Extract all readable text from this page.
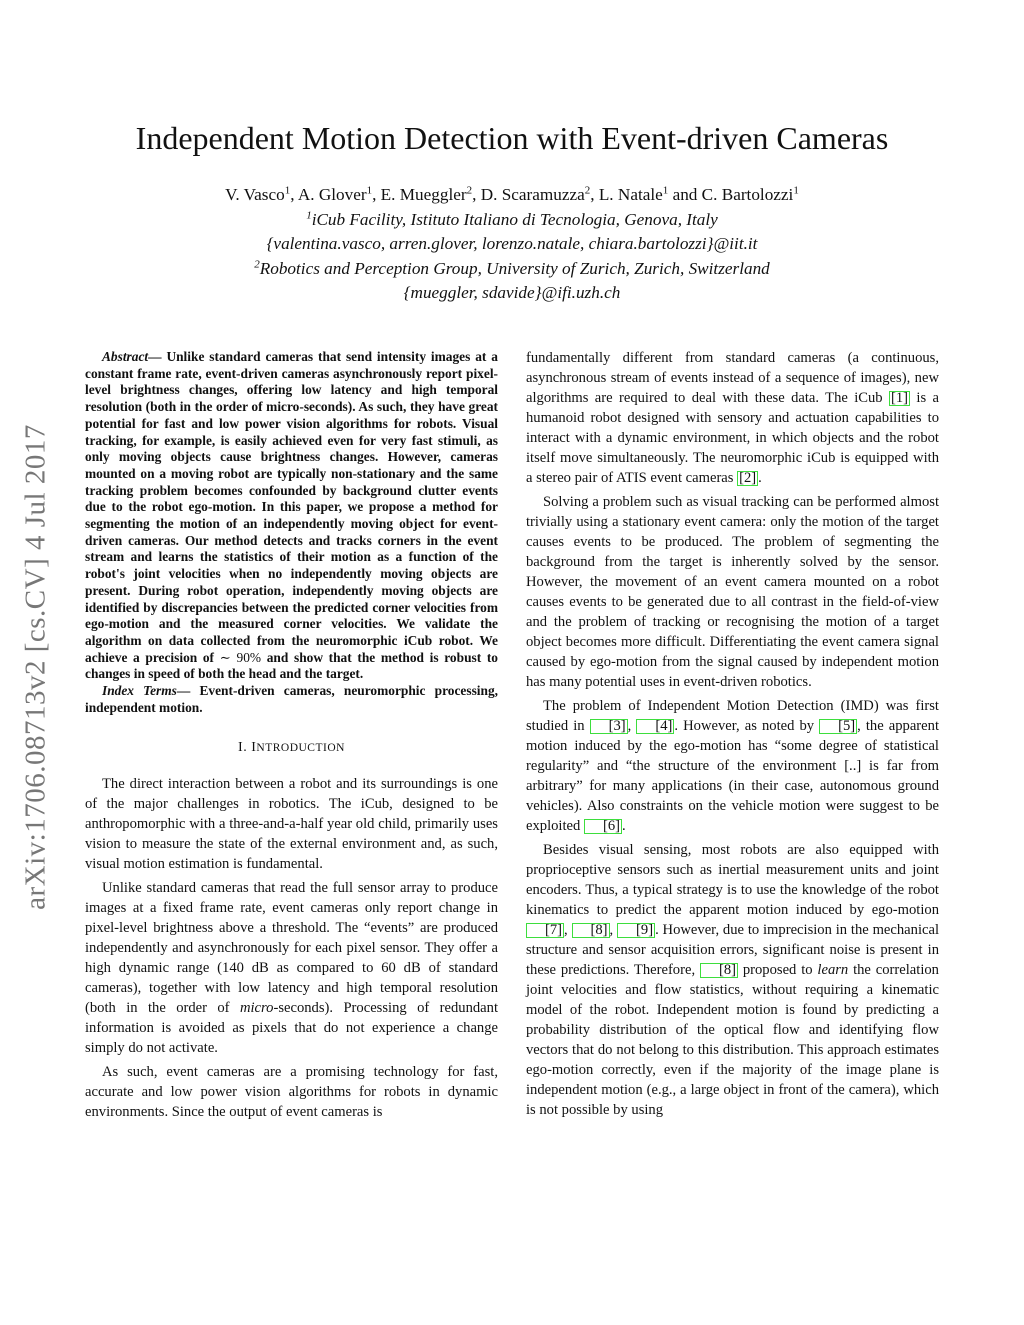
arXiv:1706.08713v2 [cs.CV] 4 Jul 2017
Independent Motion Detection with Event-driven Cameras
V. Vasco$^1$, A. Glover$^1$, E. Mueggler$^2$, D. Scaramuzza$^2$, L. Natale$^1$ and C. Bartolozzi$^1$
$^1$iCub Facility, Istituto Italiano di Tecnologia, Genova, Italy
{valentina.vasco, arren.glover, lorenzo.natale, chiara.bartolozzi}@iit.it
$^2$Robotics and Perception Group, University of Zurich, Zurich, Switzerland
{mueggler, sdavide}@ifi.uzh.ch

Abstract— Unlike standard cameras that send intensity images at a constant frame rate, event-driven cameras asynchronously report pixel-level brightness changes, offering low latency and high temporal resolution (both in the order of micro-seconds). As such, they have great potential for fast and low power vision algorithms for robots. Visual tracking, for example, is easily achieved even for very fast stimuli, as only moving objects cause brightness changes. However, cameras mounted on a moving robot are typically non-stationary and the same tracking problem becomes confounded by background clutter events due to the robot ego-motion. In this paper, we propose a method for segmenting the motion of an independently moving object for event-driven cameras. Our method detects and tracks corners in the event stream and learns the statistics of their motion as a function of the robot's joint velocities when no independently moving objects are present. During robot operation, independently moving objects are identified by discrepancies between the predicted corner velocities from ego-motion and the measured corner velocities. We validate the algorithm on data collected from the neuromorphic iCub robot. We achieve a precision of ∼ 90% and show that the method is robust to changes in speed of both the head and the target.

Index Terms— Event-driven cameras, neuromorphic processing, independent motion.

I. INTRODUCTION

The direct interaction between a robot and its surroundings is one of the major challenges in robotics. The iCub, designed to be anthropomorphic with a three-and-a-half year old child, primarily uses vision to measure the state of the external environment and, as such, visual motion estimation is fundamental.

Unlike standard cameras that read the full sensor array to produce images at a fixed frame rate, event cameras only report change in pixel-level brightness above a threshold. The “events” are produced independently and asynchronously for each pixel sensor. They offer a high dynamic range (140 dB as compared to 60 dB of standard cameras), together with low latency and high temporal resolution (both in the order of micro-seconds). Processing of redundant information is avoided as pixels that do not experience a change simply do not activate.

As such, event cameras are a promising technology for fast, accurate and low power vision algorithms for robots in dynamic environments. Since the output of event cameras is

fundamentally different from standard cameras (a continuous, asynchronous stream of events instead of a sequence of images), new algorithms are required to deal with these data. The iCub [1] is a humanoid robot designed with sensory and actuation capabilities to interact with a dynamic environment, in which objects and the robot itself move simultaneously. The neuromorphic iCub is equipped with a stereo pair of ATIS event cameras [2] .

Solving a problem such as visual tracking can be performed almost trivially using a stationary event camera: only the motion of the target causes events to be produced. The problem of segmenting the background from the target is inherently solved by the sensor. However, the movement of an event camera mounted on a robot causes events to be generated due to all contrast in the field-of-view and the problem of tracking or recognising the motion of a target object becomes more difficult. Differentiating the event camera signal caused by ego-motion from the signal caused by independent motion has many potential uses in event-driven robotics.

The problem of Independent Motion Detection (IMD) was first studied in [3] , [4] . However, as noted by [5] , the apparent motion induced by the ego-motion has “some degree of statistical regularity” and “the structure of the environment [..] is far from arbitrary” for many applications (in their case, autonomous ground vehicles). Also constraints on the vehicle motion were suggest to be exploited [6] .

Besides visual sensing, most robots are also equipped with proprioceptive sensors such as inertial measurement units and joint encoders. Thus, a typical strategy is to use the knowledge of the robot kinematics to predict the apparent motion induced by ego-motion [7] , [8] , [9] . However, due to imprecision in the mechanical structure and sensor acquisition errors, significant noise is present in these predictions. Therefore, [8] proposed to learn the correlation joint velocities and flow statistics, without requiring a kinematic model of the robot. Independent motion is found by predicting a probability distribution of the optical flow and identifying flow vectors that do not belong to this distribution. This approach estimates ego-motion correctly, even if the majority of the image plane is independent motion (e.g., a large object in front of the camera), which is not possible by using
